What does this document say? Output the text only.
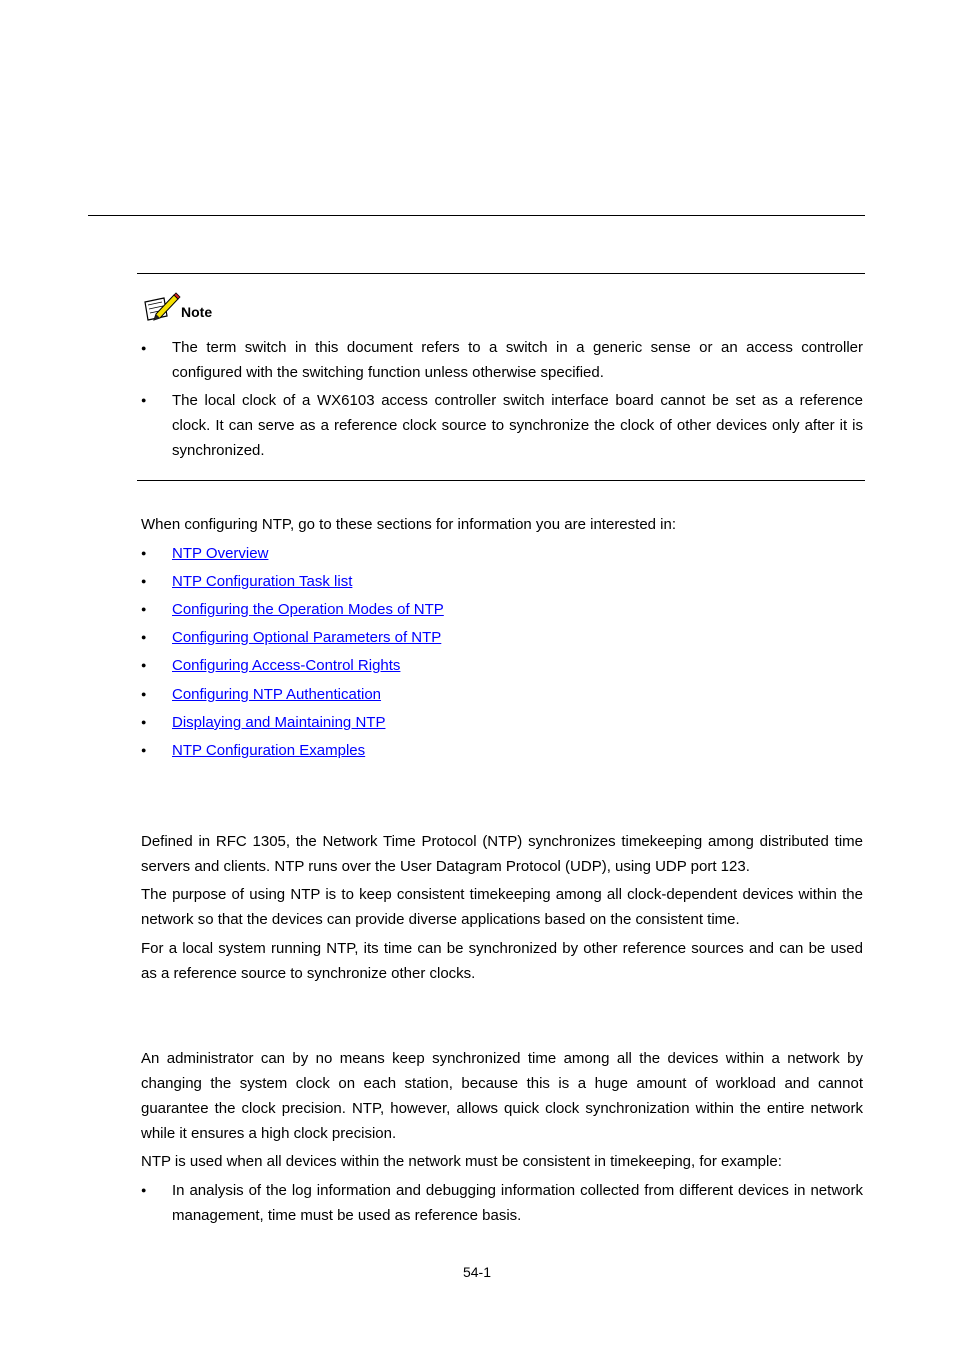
Note
● The term switch in this document refers to a switch in a generic sense or an access controller configured with the switching function unless otherwise specified.

● The local clock of a WX6103 access controller switch interface board cannot be set as a reference clock. It can serve as a reference clock source to synchronize the clock of other devices only after it is synchronized.

When configuring NTP, go to these sections for information you are interested in:

● NTP Overview
● NTP Configuration Task list
● Configuring the Operation Modes of NTP
● Configuring Optional Parameters of NTP
● Configuring Access-Control Rights
● Configuring NTP Authentication
● Displaying and Maintaining NTP
● NTP Configuration Examples

Defined in RFC 1305, the Network Time Protocol (NTP) synchronizes timekeeping among distributed time servers and clients. NTP runs over the User Datagram Protocol (UDP), using UDP port 123.

The purpose of using NTP is to keep consistent timekeeping among all clock-dependent devices within the network so that the devices can provide diverse applications based on the consistent time.

For a local system running NTP, its time can be synchronized by other reference sources and can be used as a reference source to synchronize other clocks.

An administrator can by no means keep synchronized time among all the devices within a network by changing the system clock on each station, because this is a huge amount of workload and cannot guarantee the clock precision. NTP, however, allows quick clock synchronization within the entire network while it ensures a high clock precision.

NTP is used when all devices within the network must be consistent in timekeeping, for example:

● In analysis of the log information and debugging information collected from different devices in network management, time must be used as reference basis.

54-1
